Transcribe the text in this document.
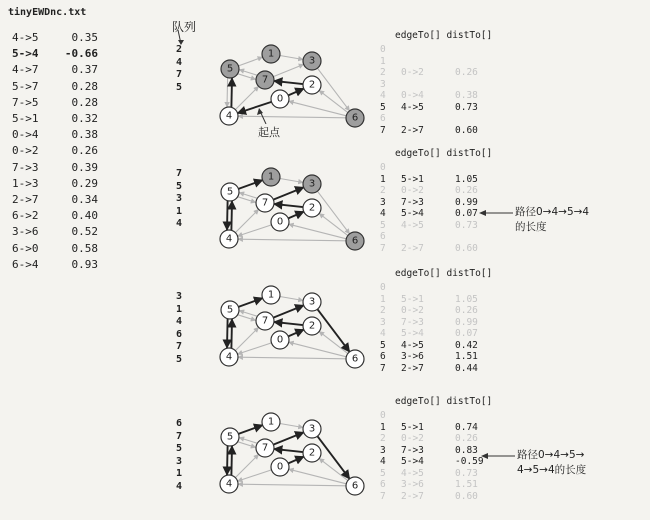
tinyEWDnc.txt
4->5	0.35
5->4	-0.66
4->7	0.37
5->7	0.28
7->5	0.28
5->1	0.32
0->4	0.38
0->2	0.26
7->3	0.39
1->3	0.29
2->7	0.34
6->2	0.40
3->6	0.52
6->0	0.58
6->4	0.93
队列
起点
2
4
7
5
0
1
2
3
4
5
6
7
edgeTo[] distTo[]
0
1
2 0->2	0.26
3
4 0->4	0.38
5 4->5	0.73
6
7 2->7	0.60
7
5
3
1
4	0
1
2
3
4
5
6
7
edgeTo[] distTo[]
0
1 5->1	1.05
2 0->2	0.26
3 7->3	0.99
4 5->4	0.07
5 4->5	0.73
6
7 2->7	0.60
路径0→4→5→4
的长度
3
1
4
6
7
5
0
1
2
3
4
5
6
7
edgeTo[] distTo[]
0
1 5->1	1.05
2 0->2	0.26
3 7->3	0.99
4 5->4	0.07
5 4->5	0.42
6 3->6	1.51
7 2->7	0.44
6
7
5
3
1
4
0
1
2
3
4
5
6
7
edgeTo[] distTo[]
0
1 5->1	0.74
2 0->2	0.26
3 7->3	0.83
4 5->4	-0.59
5 4->5	0.73
6 3->6	1.51
7 2->7	0.60
路径0→4→5→
4→5→4的长度
